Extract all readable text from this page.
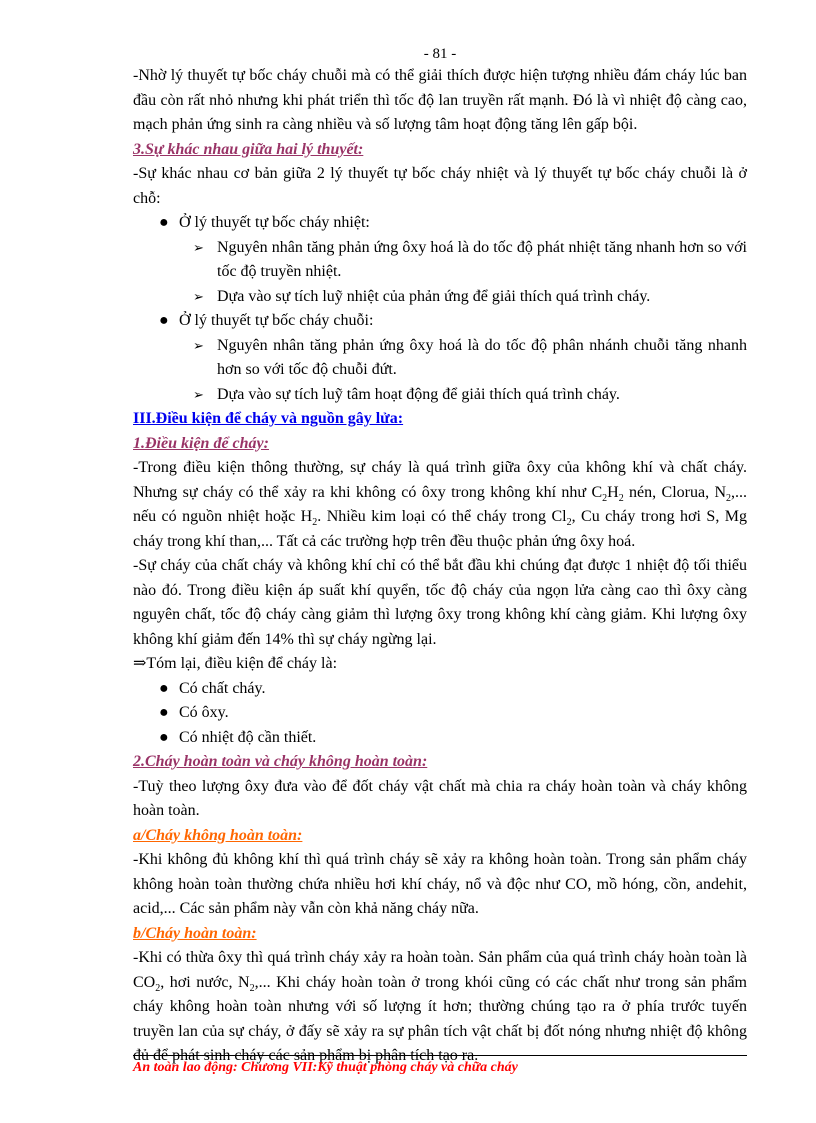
- 81 -

-Nhờ lý thuyết tự bốc cháy chuỗi mà có thể giải thích được hiện tượng nhiều đám cháy lúc ban đầu còn rất nhỏ nhưng khi phát triển thì tốc độ lan truyền rất mạnh. Đó là vì nhiệt độ càng cao, mạch phản ứng sinh ra càng nhiều và số lượng tâm hoạt động tăng lên gấp bội.

3.Sự khác nhau giữa hai lý thuyết:

-Sự khác nhau cơ bản giữa 2 lý thuyết tự bốc cháy nhiệt và lý thuyết tự bốc cháy chuỗi là ở chỗ:

● Ở lý thuyết tự bốc cháy nhiệt:
➢ Nguyên nhân tăng phản ứng ôxy hoá là do tốc độ phát nhiệt tăng nhanh hơn so với tốc độ truyền nhiệt.
➢ Dựa vào sự tích luỹ nhiệt của phản ứng để giải thích quá trình cháy.
● Ở lý thuyết tự bốc cháy chuỗi:
➢ Nguyên nhân tăng phản ứng ôxy hoá là do tốc độ phân nhánh chuỗi tăng nhanh hơn so với tốc độ chuỗi đứt.
➢ Dựa vào sự tích luỹ tâm hoạt động để giải thích quá trình cháy.

III.Điều kiện để cháy và nguồn gây lửa:

1.Điều kiện để cháy:

-Trong điều kiện thông thường, sự cháy là quá trình giữa ôxy của không khí và chất cháy. Nhưng sự cháy có thể xảy ra khi không có ôxy trong không khí như $C_2H_2$ nén, Clorua, $N_2$,... nếu có nguồn nhiệt hoặc $H_2$. Nhiều kim loại có thể cháy trong $Cl_2$, Cu cháy trong hơi S, Mg cháy trong khí than,... Tất cả các trường hợp trên đều thuộc phản ứng ôxy hoá.

-Sự cháy của chất cháy và không khí chỉ có thể bắt đầu khi chúng đạt được 1 nhiệt độ tối thiểu nào đó. Trong điều kiện áp suất khí quyển, tốc độ cháy của ngọn lửa càng cao thì ôxy càng nguyên chất, tốc độ cháy càng giảm thì lượng ôxy trong không khí càng giảm. Khi lượng ôxy không khí giảm đến 14% thì sự cháy ngừng lại.

⇒Tóm lại, điều kiện để cháy là:

● Có chất cháy.
● Có ôxy.
● Có nhiệt độ cần thiết.

2.Cháy hoàn toàn và cháy không hoàn toàn:

-Tuỳ theo lượng ôxy đưa vào để đốt cháy vật chất mà chia ra cháy hoàn toàn và cháy không hoàn toàn.

a/Cháy không hoàn toàn:

-Khi không đủ không khí thì quá trình cháy sẽ xảy ra không hoàn toàn. Trong sản phẩm cháy không hoàn toàn thường chứa nhiều hơi khí cháy, nổ và độc như CO, mồ hóng, cồn, andehit, acid,... Các sản phẩm này vẫn còn khả năng cháy nữa.

b/Cháy hoàn toàn:

-Khi có thừa ôxy thì quá trình cháy xảy ra hoàn toàn. Sản phẩm của quá trình cháy hoàn toàn là $CO_2$, hơi nước, $N_2$,... Khi cháy hoàn toàn ở trong khói cũng có các chất như trong sản phẩm cháy không hoàn toàn nhưng với số lượng ít hơn; thường chúng tạo ra ở phía trước tuyến truyền lan của sự cháy, ở đấy sẽ xảy ra sự phân tích vật chất bị đốt nóng nhưng nhiệt độ không đủ để phát sinh cháy các sản phẩm bị phân tích tạo ra.

An toàn lao động: Chương VII:Kỹ thuật phòng cháy và chữa cháy
